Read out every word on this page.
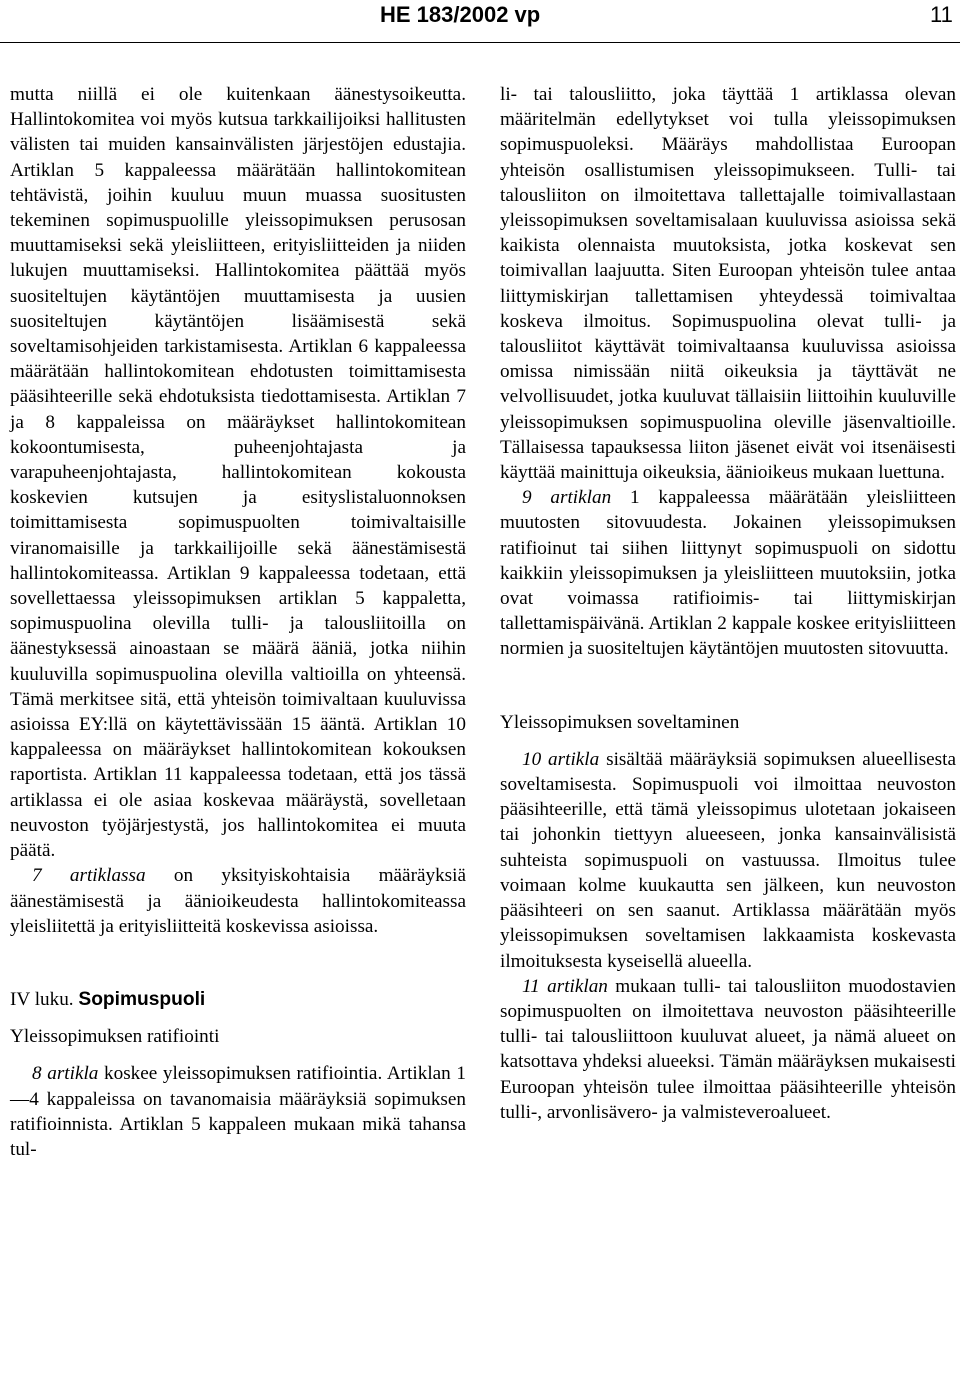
HE 183/2002 vp	11

mutta niillä ei ole kuitenkaan äänestysoikeutta. Hallintokomitea voi myös kutsua tarkkailijoiksi hallitusten välisten tai muiden kansainvälisten järjestöjen edustajia. Artiklan 5 kappaleessa määrätään hallintokomitean tehtävistä, joihin kuuluu muun muassa suositusten tekeminen sopimuspuolille yleissopimuksen perusosan muuttamiseksi sekä yleisliitteen, erityisliitteiden ja niiden lukujen muuttamiseksi. Hallintokomitea päättää myös suositeltujen käytäntöjen muuttamisesta ja uusien suositeltujen käytäntöjen lisäämisestä sekä soveltamisohjeiden tarkistamisesta. Artiklan 6 kappaleessa määrätään hallintokomitean ehdotusten toimittamisesta pääsihteerille sekä ehdotuksista tiedottamisesta. Artiklan 7 ja 8 kappaleissa on määräykset hallintokomitean kokoontumisesta, puheenjohtajasta ja varapuheenjohtajasta, hallintokomitean kokousta koskevien kutsujen ja esityslistaluonnoksen toimittamisesta sopimuspuolten toimivaltaisille viranomaisille ja tarkkailijoille sekä äänestämisestä hallintokomiteassa. Artiklan 9 kappaleessa todetaan, että sovellettaessa yleissopimuksen artiklan 5 kappaletta, sopimuspuolina olevilla tulli- ja talousliitoilla on äänestyksessä ainoastaan se määrä ääniä, jotka niihin kuuluvilla sopimuspuolina olevilla valtioilla on yhteensä. Tämä merkitsee sitä, että yhteisön toimivaltaan kuuluvissa asioissa EY:llä on käytettävissään 15 ääntä. Artiklan 10 kappaleessa on määräykset hallintokomitean kokouksen raportista. Artiklan 11 kappaleessa todetaan, että jos tässä artiklassa ei ole asiaa koskevaa määräystä, sovelletaan neuvoston työjärjestystä, jos hallintokomitea ei muuta päätä.

7 artiklassa on yksityiskohtaisia määräyksiä äänestämisestä ja äänioikeudesta hallintokomiteassa yleisliitettä ja erityisliitteitä koskevissa asioissa.

IV luku. Sopimuspuoli

Yleissopimuksen ratifiointi

8 artikla koskee yleissopimuksen ratifiointia. Artiklan 1—4 kappaleissa on tavanomaisia määräyksiä sopimuksen ratifioinnista. Artiklan 5 kappaleen mukaan mikä tahansa tul-

li- tai talousliitto, joka täyttää 1 artiklassa olevan määritelmän edellytykset voi tulla yleissopimuksen sopimuspuoleksi. Määräys mahdollistaa Euroopan yhteisön osallistumisen yleissopimukseen. Tulli- tai talousliiton on ilmoitettava tallettajalle toimivallastaan yleissopimuksen soveltamisalaan kuuluvissa asioissa sekä kaikista olennaista muutoksista, jotka koskevat sen toimivallan laajuutta. Siten Euroopan yhteisön tulee antaa liittymiskirjan tallettamisen yhteydessä toimivaltaa koskeva ilmoitus. Sopimuspuolina olevat tulli- ja talousliitot käyttävät toimivaltaansa kuuluvissa asioissa omissa nimissään niitä oikeuksia ja täyttävät ne velvollisuudet, jotka kuuluvat tällaisiin liittoihin kuuluville yleissopimuksen sopimuspuolina oleville jäsenvaltioille. Tällaisessa tapauksessa liiton jäsenet eivät voi itsenäisesti käyttää mainittuja oikeuksia, äänioikeus mukaan luettuna.

9 artiklan 1 kappaleessa määrätään yleisliitteen muutosten sitovuudesta. Jokainen yleissopimuksen ratifioinut tai siihen liittynyt sopimuspuoli on sidottu kaikkiin yleissopimuksen ja yleisliitteen muutoksiin, jotka ovat voimassa ratifioimis- tai liittymiskirjan tallettamispäivänä. Artiklan 2 kappale koskee erityisliitteen normien ja suositeltujen käytäntöjen muutosten sitovuutta.

Yleissopimuksen soveltaminen

10 artikla sisältää määräyksiä sopimuksen alueellisesta soveltamisesta. Sopimuspuoli voi ilmoittaa neuvoston pääsihteerille, että tämä yleissopimus ulotetaan jokaiseen tai johonkin tiettyyn alueeseen, jonka kansainvälisistä suhteista sopimuspuoli on vastuussa. Ilmoitus tulee voimaan kolme kuukautta sen jälkeen, kun neuvoston pääsihteeri on sen saanut. Artiklassa määrätään myös yleissopimuksen soveltamisen lakkaamista koskevasta ilmoituksesta kyseisellä alueella.

11 artiklan mukaan tulli- tai talousliiton muodostavien sopimuspuolten on ilmoitettava neuvoston pääsihteerille tulli- tai talousliittoon kuuluvat alueet, ja nämä alueet on katsottava yhdeksi alueeksi. Tämän määräyksen mukaisesti Euroopan yhteisön tulee ilmoittaa pääsihteerille yhteisön tulli-, arvonlisävero- ja valmisteveroalueet.
